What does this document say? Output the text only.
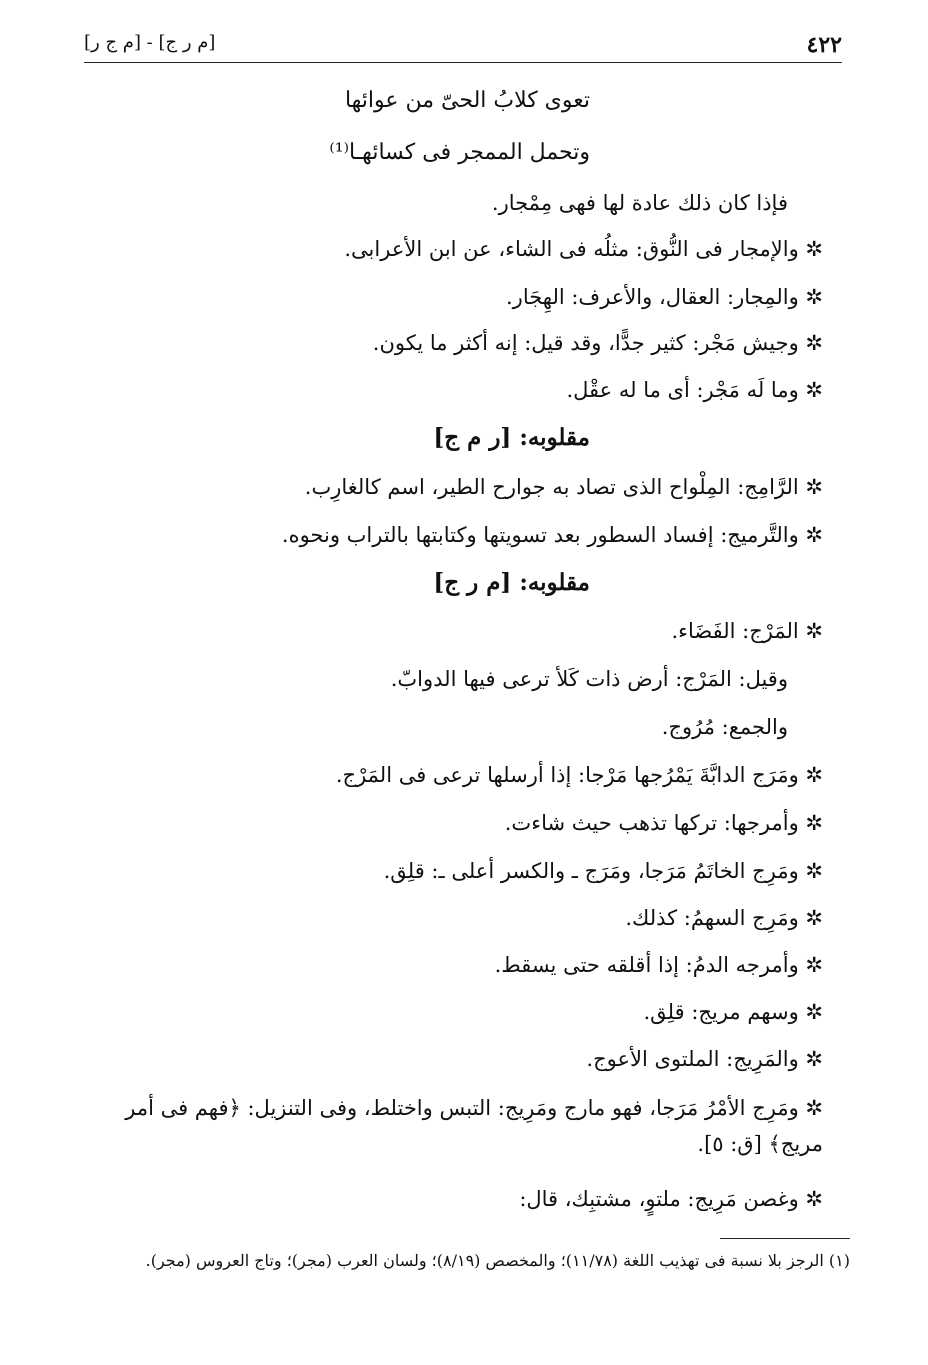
٤٢٢
[م ج ر] - [م ر ج]
تعوى كلابُ الحىّ من عوائها
وتحمل الممجر فى كسائهـا⁽¹⁾
فإذا كان ذلك عادة لها فهى مِمْجار.
✲ والإمجار فى النُّوق: مثلُه فى الشاء، عن ابن الأعرابى.
✲ والمِجار: العقال، والأعرف: الهِجَار.
✲ وجيش مَجْر: كثير جدًّا، وقد قيل: إنه أكثر ما يكون.
✲ وما لَه مَجْر: أى ما له عقْل.
مقلوبه: [ر م ج]
✲ الرَّامِج: المِلْواح الذى تصاد به جوارح الطير، اسم كالغارِب.
✲ والتَّرميج: إفساد السطور بعد تسويتها وكتابتها بالتراب ونحوه.
مقلوبه: [م ر ج]
✲ المَرْج: الفَضَاء.
وقيل: المَرْج: أرض ذات كَلأ ترعى فيها الدوابّ.
والجمع: مُرُوج.
✲ ومَرَج الدابَّةَ يَمْرُجها مَرْجا: إذا أرسلها ترعى فى المَرْج.
✲ وأمرجها: تركها تذهب حيث شاءت.
✲ ومَرِج الخاتَمُ مَرَجا، ومَرَج ـ والكسر أعلى ـ: قلِق.
✲ ومَرِج السهمُ: كذلك.
✲ وأمرجه الدمُ: إذا أقلقه حتى يسقط.
✲ وسهم مريج: قلِق.
✲ والمَرِيج: الملتوى الأعوج.
✲ ومَرِج الأمْرُ مَرَجا، فهو مارج ومَرِيج: التبس واختلط، وفى التنزيل: ﴿فهم فى أمر مريج﴾ [ق: ٥].
✲ وغصن مَرِيج: ملتوٍ، مشتبِك، قال:
(١) الرجز بلا نسبة فى تهذيب اللغة (١١/٧٨)؛ والمخصص (٨/١٩)؛ ولسان العرب (مجر)؛ وتاج العروس (مجر).
